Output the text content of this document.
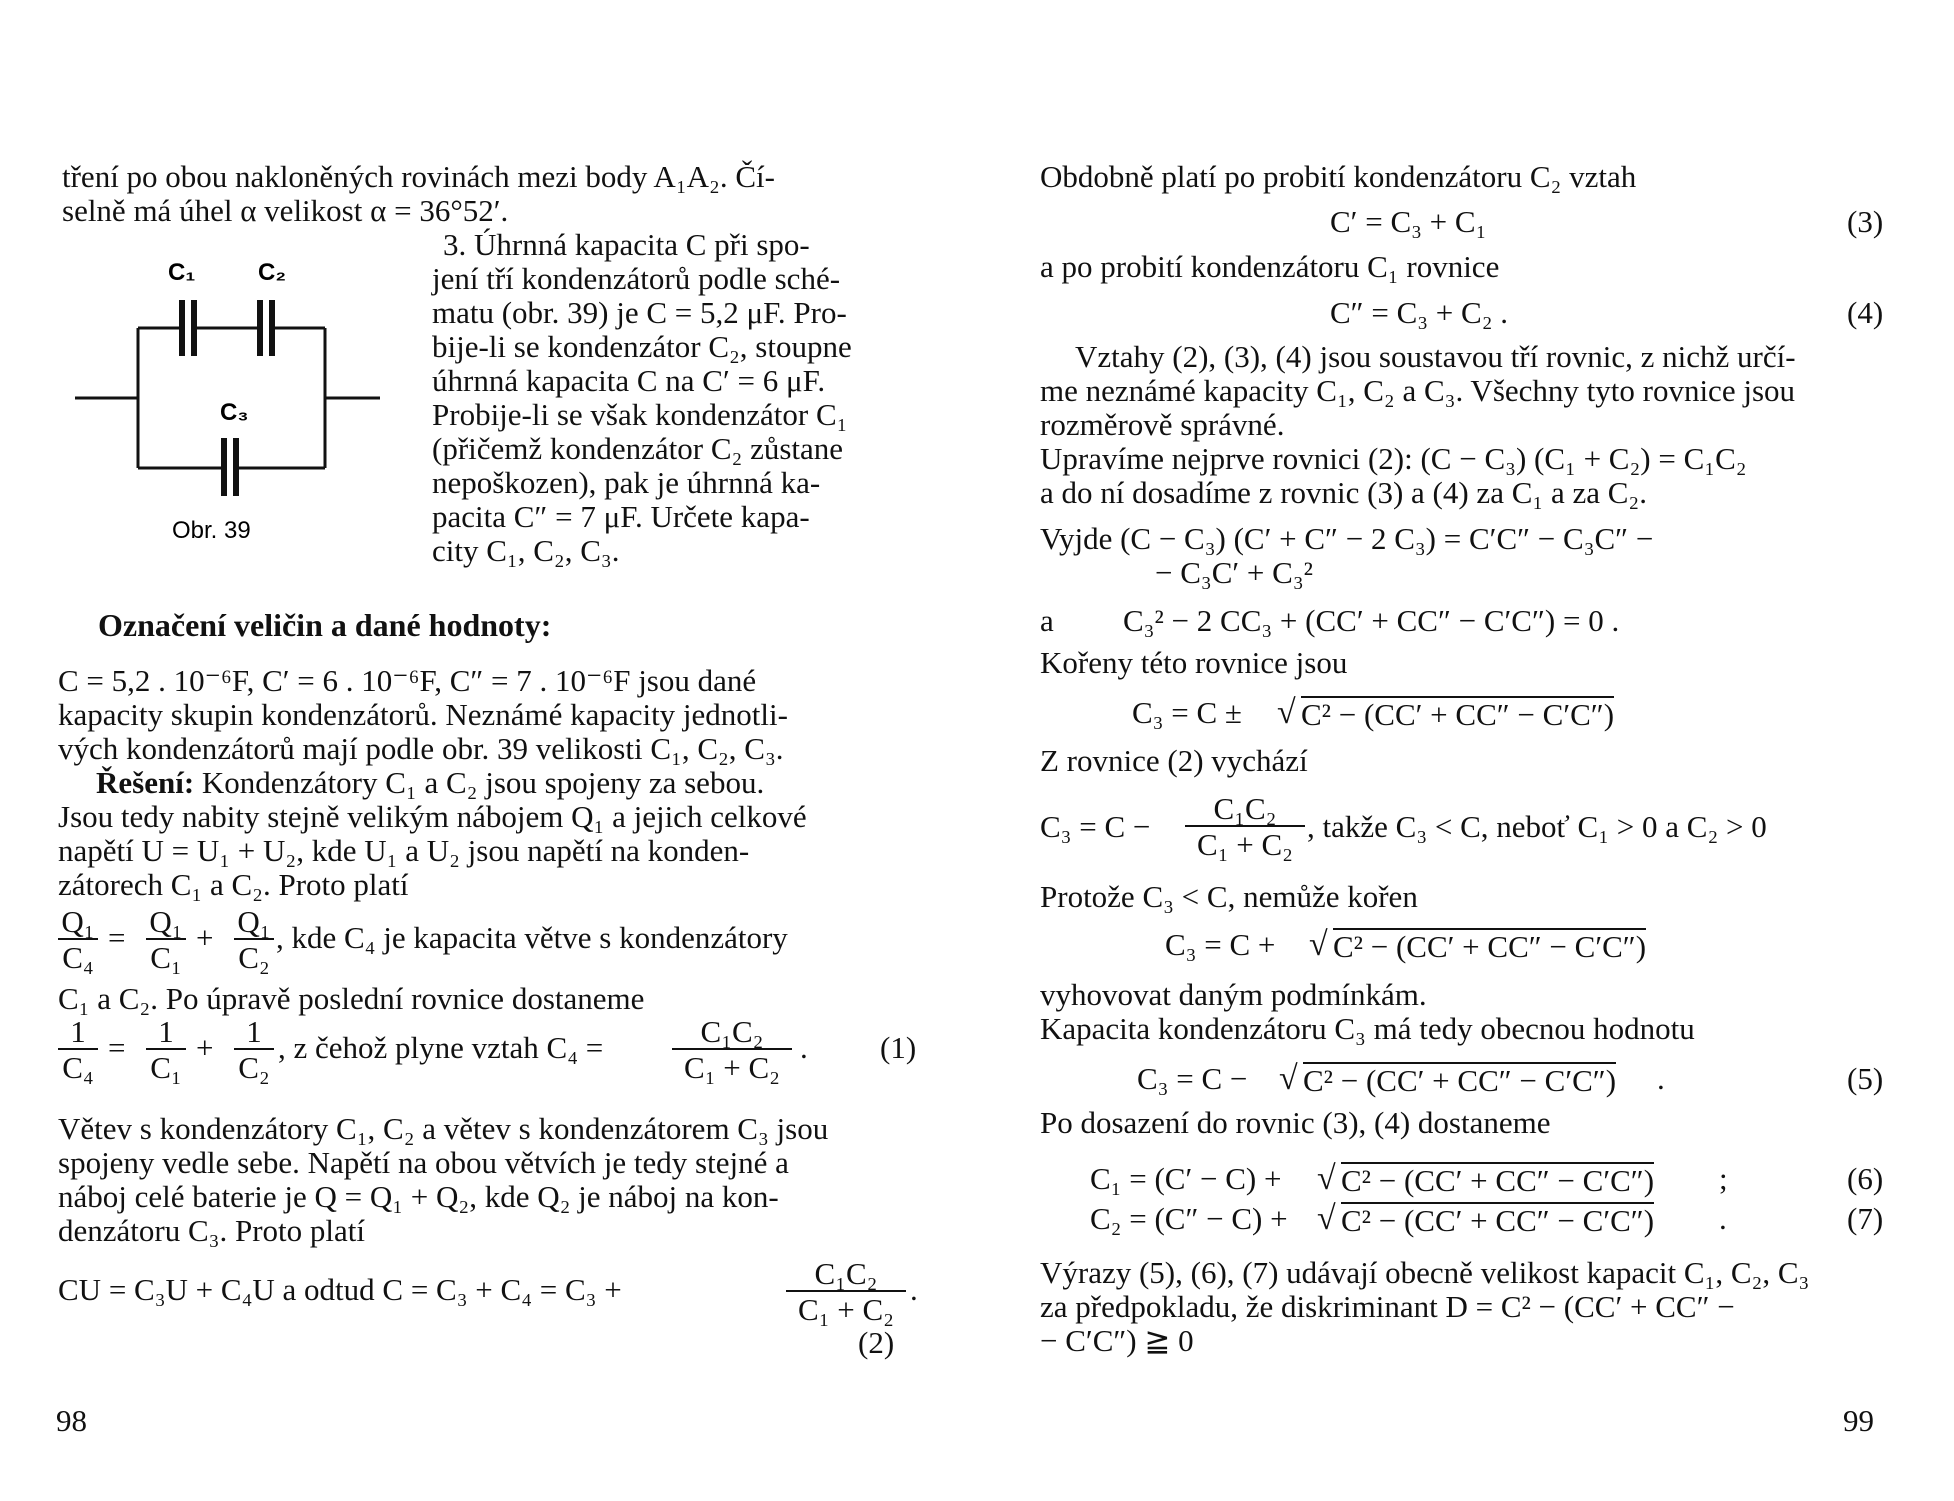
tření po obou nakloněných rovinách mezi body A₁A₂. Čí-
selně má úhel α velikost α = 36°52′.
3. Úhrnná kapacita C při spo-
jení tří kondenzátorů podle sché-
matu (obr. 39) je C = 5,2 μF. Pro-
bije-li se kondenzátor C₂, stoupne
úhrnná kapacita C na C′ = 6 μF.
Probije-li se však kondenzátor C₁
(přičemž kondenzátor C₂ zůstane
nepoškozen), pak je úhrnná ka-
pacita C″ = 7 μF. Určete kapa-
city C₁, C₂, C₃.
C₁	C₂
C₃
Obr. 39
Označení veličin a dané hodnoty:
C = 5,2 . 10⁻⁶F, C′ = 6 . 10⁻⁶F, C″ = 7 . 10⁻⁶F jsou dané
kapacity skupin kondenzátorů. Neznámé kapacity jednotli-
vých kondenzátorů mají podle obr. 39 velikosti C₁, C₂, C₃.
Řešení: Kondenzátory C₁ a C₂ jsou spojeny za sebou.
Jsou tedy nabity stejně velikým nábojem Q₁ a jejich celkové
napětí U = U₁ + U₂, kde U₁ a U₂ jsou napětí na konden-
zátorech C₁ a C₂. Proto platí
Q₁
C₄
= Q₁
C₁
+ Q₁
C₂
, kde C₄ je kapacita větve s kondenzátory
C₁ a C₂. Po úpravě poslední rovnice dostaneme
1
C₄
=	1
C₁
+	1
C₂
, z čehož plyne vztah C₄ =	C₁C₂
C₁ + C₂
. (1)
Větev s kondenzátory C₁, C₂ a větev s kondenzátorem C₃ jsou
spojeny vedle sebe. Napětí na obou větvích je tedy stejné a
náboj celé baterie je Q = Q₁ + Q₂, kde Q₂ je náboj na kon-
denzátoru C₃. Proto platí
CU = C₃U + C₄U a odtud C = C₃ + C₄ = C₃ +	C₁C₂
C₁ + C₂
.
(2)
98
Obdobně platí po probití kondenzátoru C₂ vztah
C′ = C₃ + C₁	(3)
a po probití kondenzátoru C₁ rovnice
C″ = C₃ + C₂ .	(4)
Vztahy (2), (3), (4) jsou soustavou tří rovnic, z nichž určí-
me neznámé kapacity C₁, C₂ a C₃. Všechny tyto rovnice jsou
rozměrově správné.
Upravíme nejprve rovnici (2): (C − C₃) (C₁ + C₂) = C₁C₂
a do ní dosadíme z rovnic (3) a (4) za C₁ a za C₂.
Vyjde (C − C₃) (C′ + C″ − 2 C₃) = C′C″ − C₃C″ −
− C₃C′ + C₃²
a C₃² − 2 CC₃ + (CC′ + CC″ − C′C″) = 0 .
Kořeny této rovnice jsou
C₃ = C ± √ C² − (CC′ + CC″ − C′C″)
Z rovnice (2) vychází
C₃ = C −
C₁C₂
C₁ + C₂
, takže C₃ < C, neboť C₁ > 0 a C₂ > 0
Protože C₃ < C, nemůže kořen
C₃ = C + √ C² − (CC′ + CC″ − C′C″)
vyhovovat daným podmínkám.
Kapacita kondenzátoru C₃ má tedy obecnou hodnotu
C₃ = C − √ C² − (CC′ + CC″ − C′C″) .	(5)
Po dosazení do rovnic (3), (4) dostaneme
C₁ = (C′ − C) + √ C² − (CC′ + CC″ − C′C″) ;	(6)
C₂ = (C″ − C) + √ C² − (CC′ + CC″ − C′C″) .	(7)
Výrazy (5), (6), (7) udávají obecně velikost kapacit C₁, C₂, C₃
za předpokladu, že diskriminant D = C² − (CC′ + CC″ −
− C′C″) ≧ 0
99
